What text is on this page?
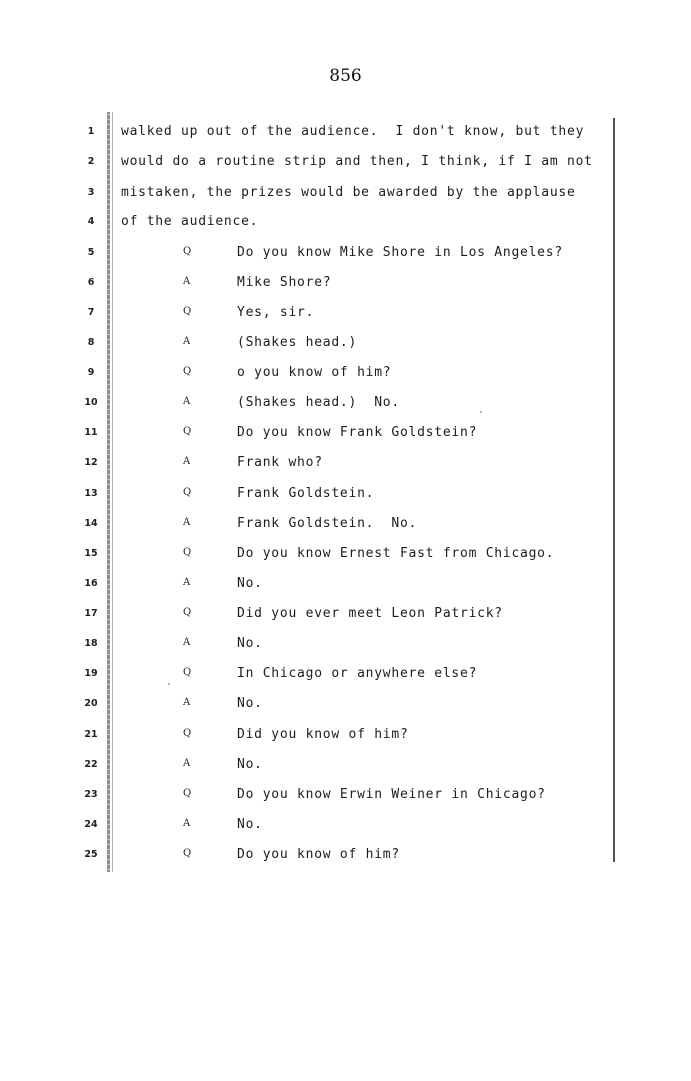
856
1	walked up out of the audience.  I don't know, but they
2	would do a routine strip and then, I think, if I am not
3	mistaken, the prizes would be awarded by the applause
4	of the audience.
5	Q	Do you know Mike Shore in Los Angeles?
6	A	Mike Shore?
7	Q	Yes, sir.
8	A	(Shakes head.)
9	Q	o you know of him?
10	A	(Shakes head.)  No.
11	Q	Do you know Frank Goldstein?
12	A	Frank who?
13	Q	Frank Goldstein.
14	A	Frank Goldstein.  No.
15	Q	Do you know Ernest Fast from Chicago.
16	A	No.
17	Q	Did you ever meet Leon Patrick?
18	A	No.
19	Q	In Chicago or anywhere else?
20	A	No.
21	Q	Did you know of him?
22	A	No.
23	Q	Do you know Erwin Weiner in Chicago?
24	A	No.
25	Q	Do you know of him?
